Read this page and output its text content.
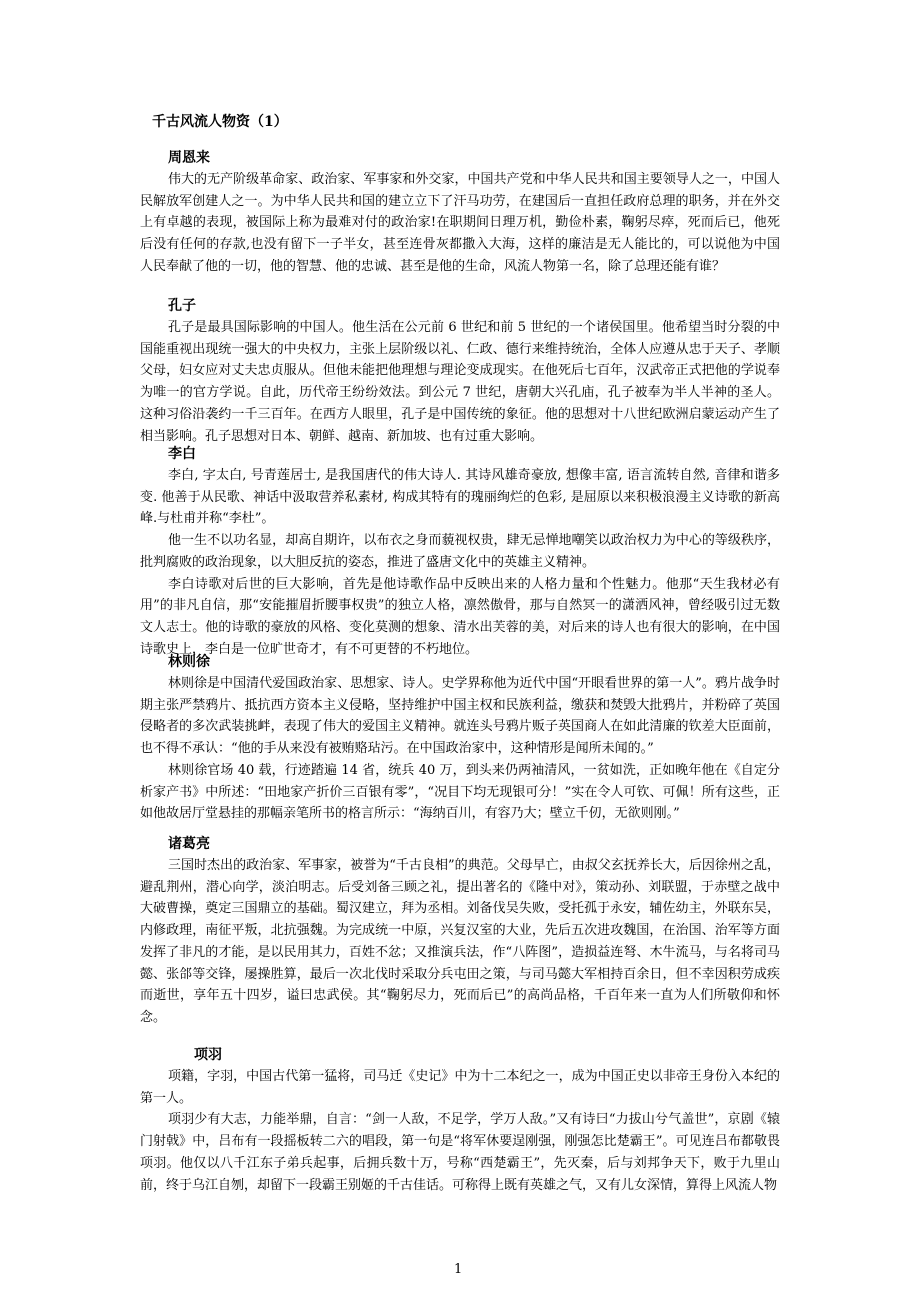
千古风流人物资（1）
周恩来

伟大的无产阶级革命家、政治家、军事家和外交家，中国共产党和中华人民共和国主要领导人之一，中国人民解放军创建人之一。为中华人民共和国的建立立下了汗马功劳，在建国后一直担任政府总理的职务，并在外交上有卓越的表现，被国际上称为最难对付的政治家!在职期间日理万机，勤俭朴素，鞠躬尽瘁，死而后已，他死后没有任何的存款,也没有留下一子半女，甚至连骨灰都撒入大海，这样的廉洁是无人能比的，可以说他为中国人民奉献了他的一切，他的智慧、他的忠诚、甚至是他的生命，风流人物第一名，除了总理还能有谁？

孔子

孔子是最具国际影响的中国人。他生活在公元前 6 世纪和前 5 世纪的一个诸侯国里。他希望当时分裂的中国能重视出现统一强大的中央权力，主张上层阶级以礼、仁政、德行来维持统治，全体人应遵从忠于天子、孝顺父母，妇女应对丈夫忠贞服从。但他未能把他理想与理论变成现实。在他死后七百年，汉武帝正式把他的学说奉为唯一的官方学说。自此，历代帝王纷纷效法。到公元 7 世纪，唐朝大兴孔庙，孔子被奉为半人半神的圣人。这种习俗沿袭约一千三百年。在西方人眼里，孔子是中国传统的象征。他的思想对十八世纪欧洲启蒙运动产生了相当影响。孔子思想对日本、朝鲜、越南、新加坡、也有过重大影响。

李白

李白, 字太白, 号青莲居士, 是我国唐代的伟大诗人. 其诗风雄奇豪放, 想像丰富, 语言流转自然, 音律和谐多变. 他善于从民歌、神话中汲取营养私素材, 构成其特有的瑰丽绚烂的色彩, 是屈原以来积极浪漫主义诗歌的新高峰.与杜甫并称“李杜”。

他一生不以功名显，却高自期许，以布衣之身而藐视权贵，肆无忌惮地嘲笑以政治权力为中心的等级秩序，批判腐败的政治现象，以大胆反抗的姿态，推进了盛唐文化中的英雄主义精神。

李白诗歌对后世的巨大影响，首先是他诗歌作品中反映出来的人格力量和个性魅力。他那“天生我材必有用”的非凡自信，那“安能摧眉折腰事权贵”的独立人格，凛然傲骨，那与自然冥一的潇洒风神，曾经吸引过无数文人志士。他的诗歌的豪放的风格、变化莫测的想象、清水出芙蓉的美，对后来的诗人也有很大的影响，在中国诗歌史上，李白是一位旷世奇才，有不可更替的不朽地位。

林则徐

林则徐是中国清代爱国政治家、思想家、诗人。史学界称他为近代中国“开眼看世界的第一人”。鸦片战争时期主张严禁鸦片、抵抗西方资本主义侵略，坚持维护中国主权和民族利益，缴获和焚毁大批鸦片，并粉碎了英国侵略者的多次武装挑衅，表现了伟大的爱国主义精神。就连头号鸦片贩子英国商人在如此清廉的钦差大臣面前，也不得不承认：“他的手从来没有被贿赂玷污。在中国政治家中，这种情形是闻所未闻的。”

林则徐官场 40 载，行迹踏遍 14 省，统兵 40 万，到头来仍两袖清风，一贫如洗，正如晚年他在《自定分析家产书》中所述：“田地家产折价三百银有零”，“况目下均无现银可分！”实在令人可钦、可佩！所有这些，正如他故居厅堂悬挂的那幅亲笔所书的格言所示：“海纳百川，有容乃大；壁立千仞，无欲则刚。”

诸葛亮

三国时杰出的政治家、军事家，被誉为“千古良相”的典范。父母早亡，由叔父玄抚养长大，后因徐州之乱，避乱荆州，潜心向学，淡泊明志。后受刘备三顾之礼，提出著名的《隆中对》，策动孙、刘联盟，于赤壁之战中大破曹操，奠定三国鼎立的基础。蜀汉建立，拜为丞相。刘备伐吴失败，受托孤于永安，辅佐幼主，外联东吴，内修政理，南征平叛，北抗强魏。为完成统一中原，兴复汉室的大业，先后五次进攻魏国，在治国、治军等方面发挥了非凡的才能，是以民用其力，百姓不忿；又推演兵法，作“八阵图”，造损益连弩、木牛流马，与名将司马懿、张郃等交锋，屡操胜算，最后一次北伐时采取分兵屯田之策，与司马懿大军相持百余日，但不幸因积劳成疾而逝世，享年五十四岁，谥曰忠武侯。其“鞠躬尽力，死而后已”的高尚品格，千百年来一直为人们所敬仰和怀念。

项羽

项籍，字羽，中国古代第一猛将，司马迁《史记》中为十二本纪之一，成为中国正史以非帝王身份入本纪的第一人。

项羽少有大志，力能举鼎，自言：“剑一人敌，不足学，学万人敌。”又有诗曰“力拔山兮气盖世”，京剧《辕门射戟》中，吕布有一段摇板转二六的唱段，第一句是“将军休要逞刚强，刚强怎比楚霸王”。可见连吕布都敬畏项羽。他仅以八千江东子弟兵起事，后拥兵数十万，号称“西楚霸王”，先灭秦，后与刘邦争天下，败于九里山前，终于乌江自刎，却留下一段霸王别姬的千古佳话。可称得上既有英雄之气，又有儿女深情，算得上风流人物

1
